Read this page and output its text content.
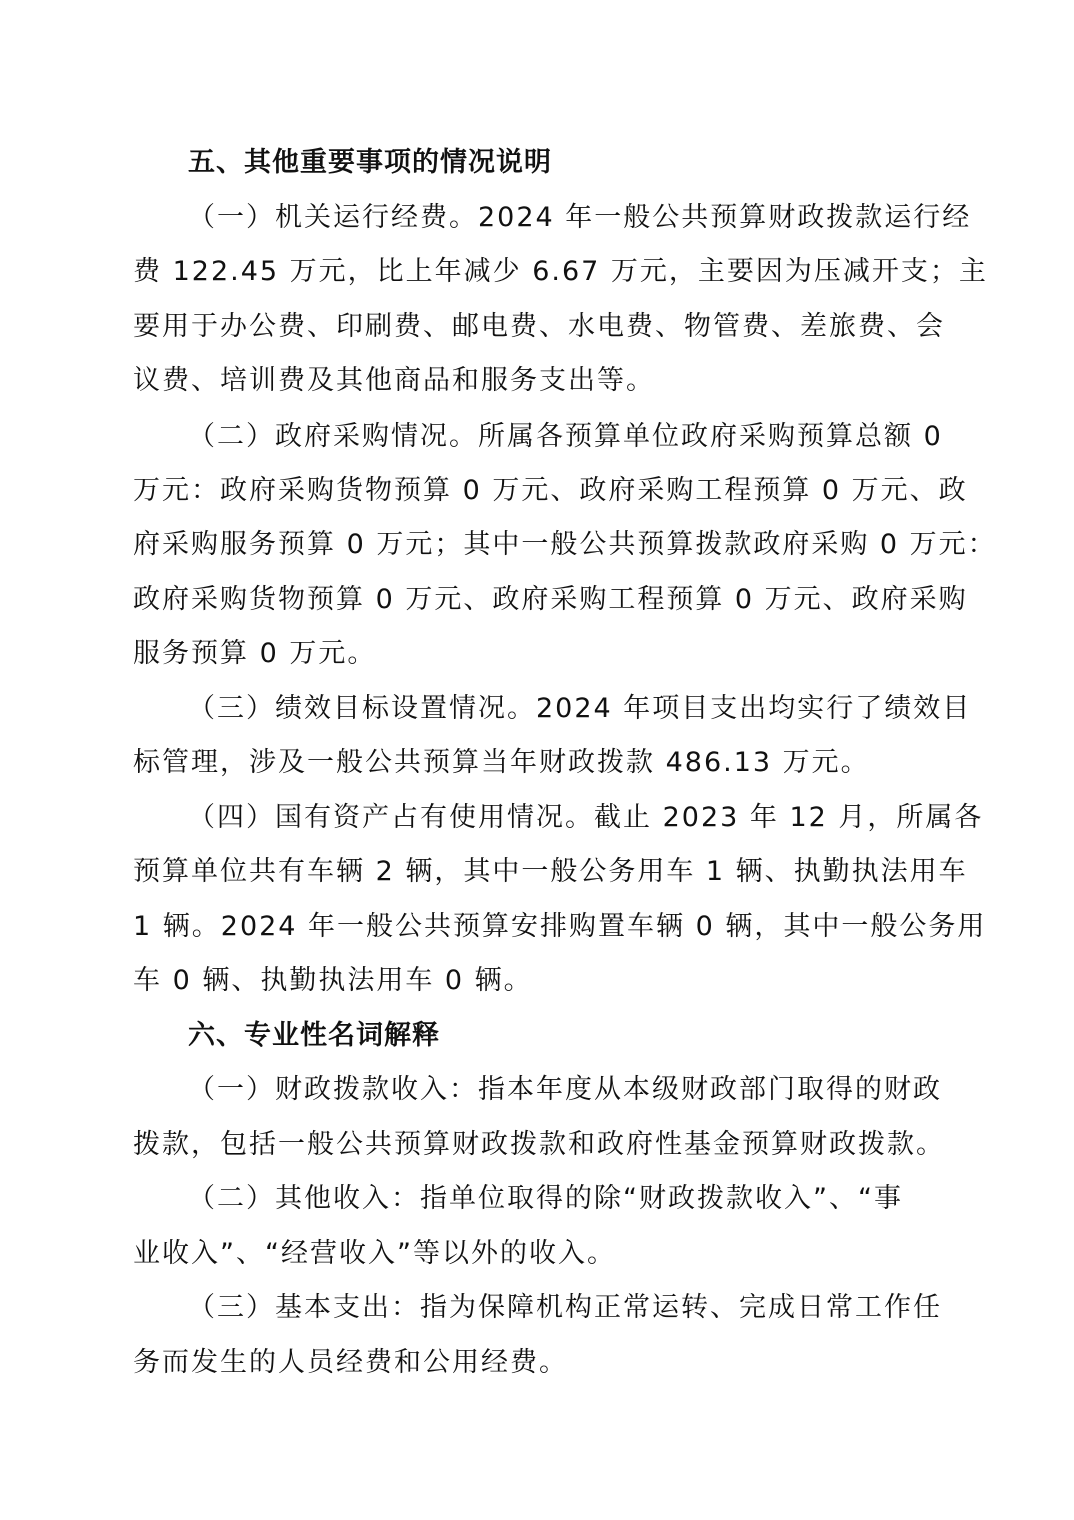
五、其他重要事项的情况说明
（一）机关运行经费。2024 年一般公共预算财政拨款运行经
费 122.45 万元，比上年减少 6.67 万元，主要因为压减开支；主
要用于办公费、印刷费、邮电费、水电费、物管费、差旅费、会
议费、培训费及其他商品和服务支出等。
（二）政府采购情况。所属各预算单位政府采购预算总额 0
万元：政府采购货物预算 0 万元、政府采购工程预算 0 万元、政
府采购服务预算 0 万元；其中一般公共预算拨款政府采购 0 万元：
政府采购货物预算 0 万元、政府采购工程预算 0 万元、政府采购
服务预算 0 万元。
（三）绩效目标设置情况。2024 年项目支出均实行了绩效目
标管理，涉及一般公共预算当年财政拨款 486.13 万元。
（四）国有资产占有使用情况。截止 2023 年 12 月，所属各
预算单位共有车辆 2 辆，其中一般公务用车 1 辆、执勤执法用车
1 辆。2024 年一般公共预算安排购置车辆 0 辆，其中一般公务用
车 0 辆、执勤执法用车 0 辆。
六、专业性名词解释
（一）财政拨款收入：指本年度从本级财政部门取得的财政
拨款，包括一般公共预算财政拨款和政府性基金预算财政拨款。
（二）其他收入：指单位取得的除“财政拨款收入”、“事
业收入”、“经营收入”等以外的收入。
（三）基本支出：指为保障机构正常运转、完成日常工作任
务而发生的人员经费和公用经费。
